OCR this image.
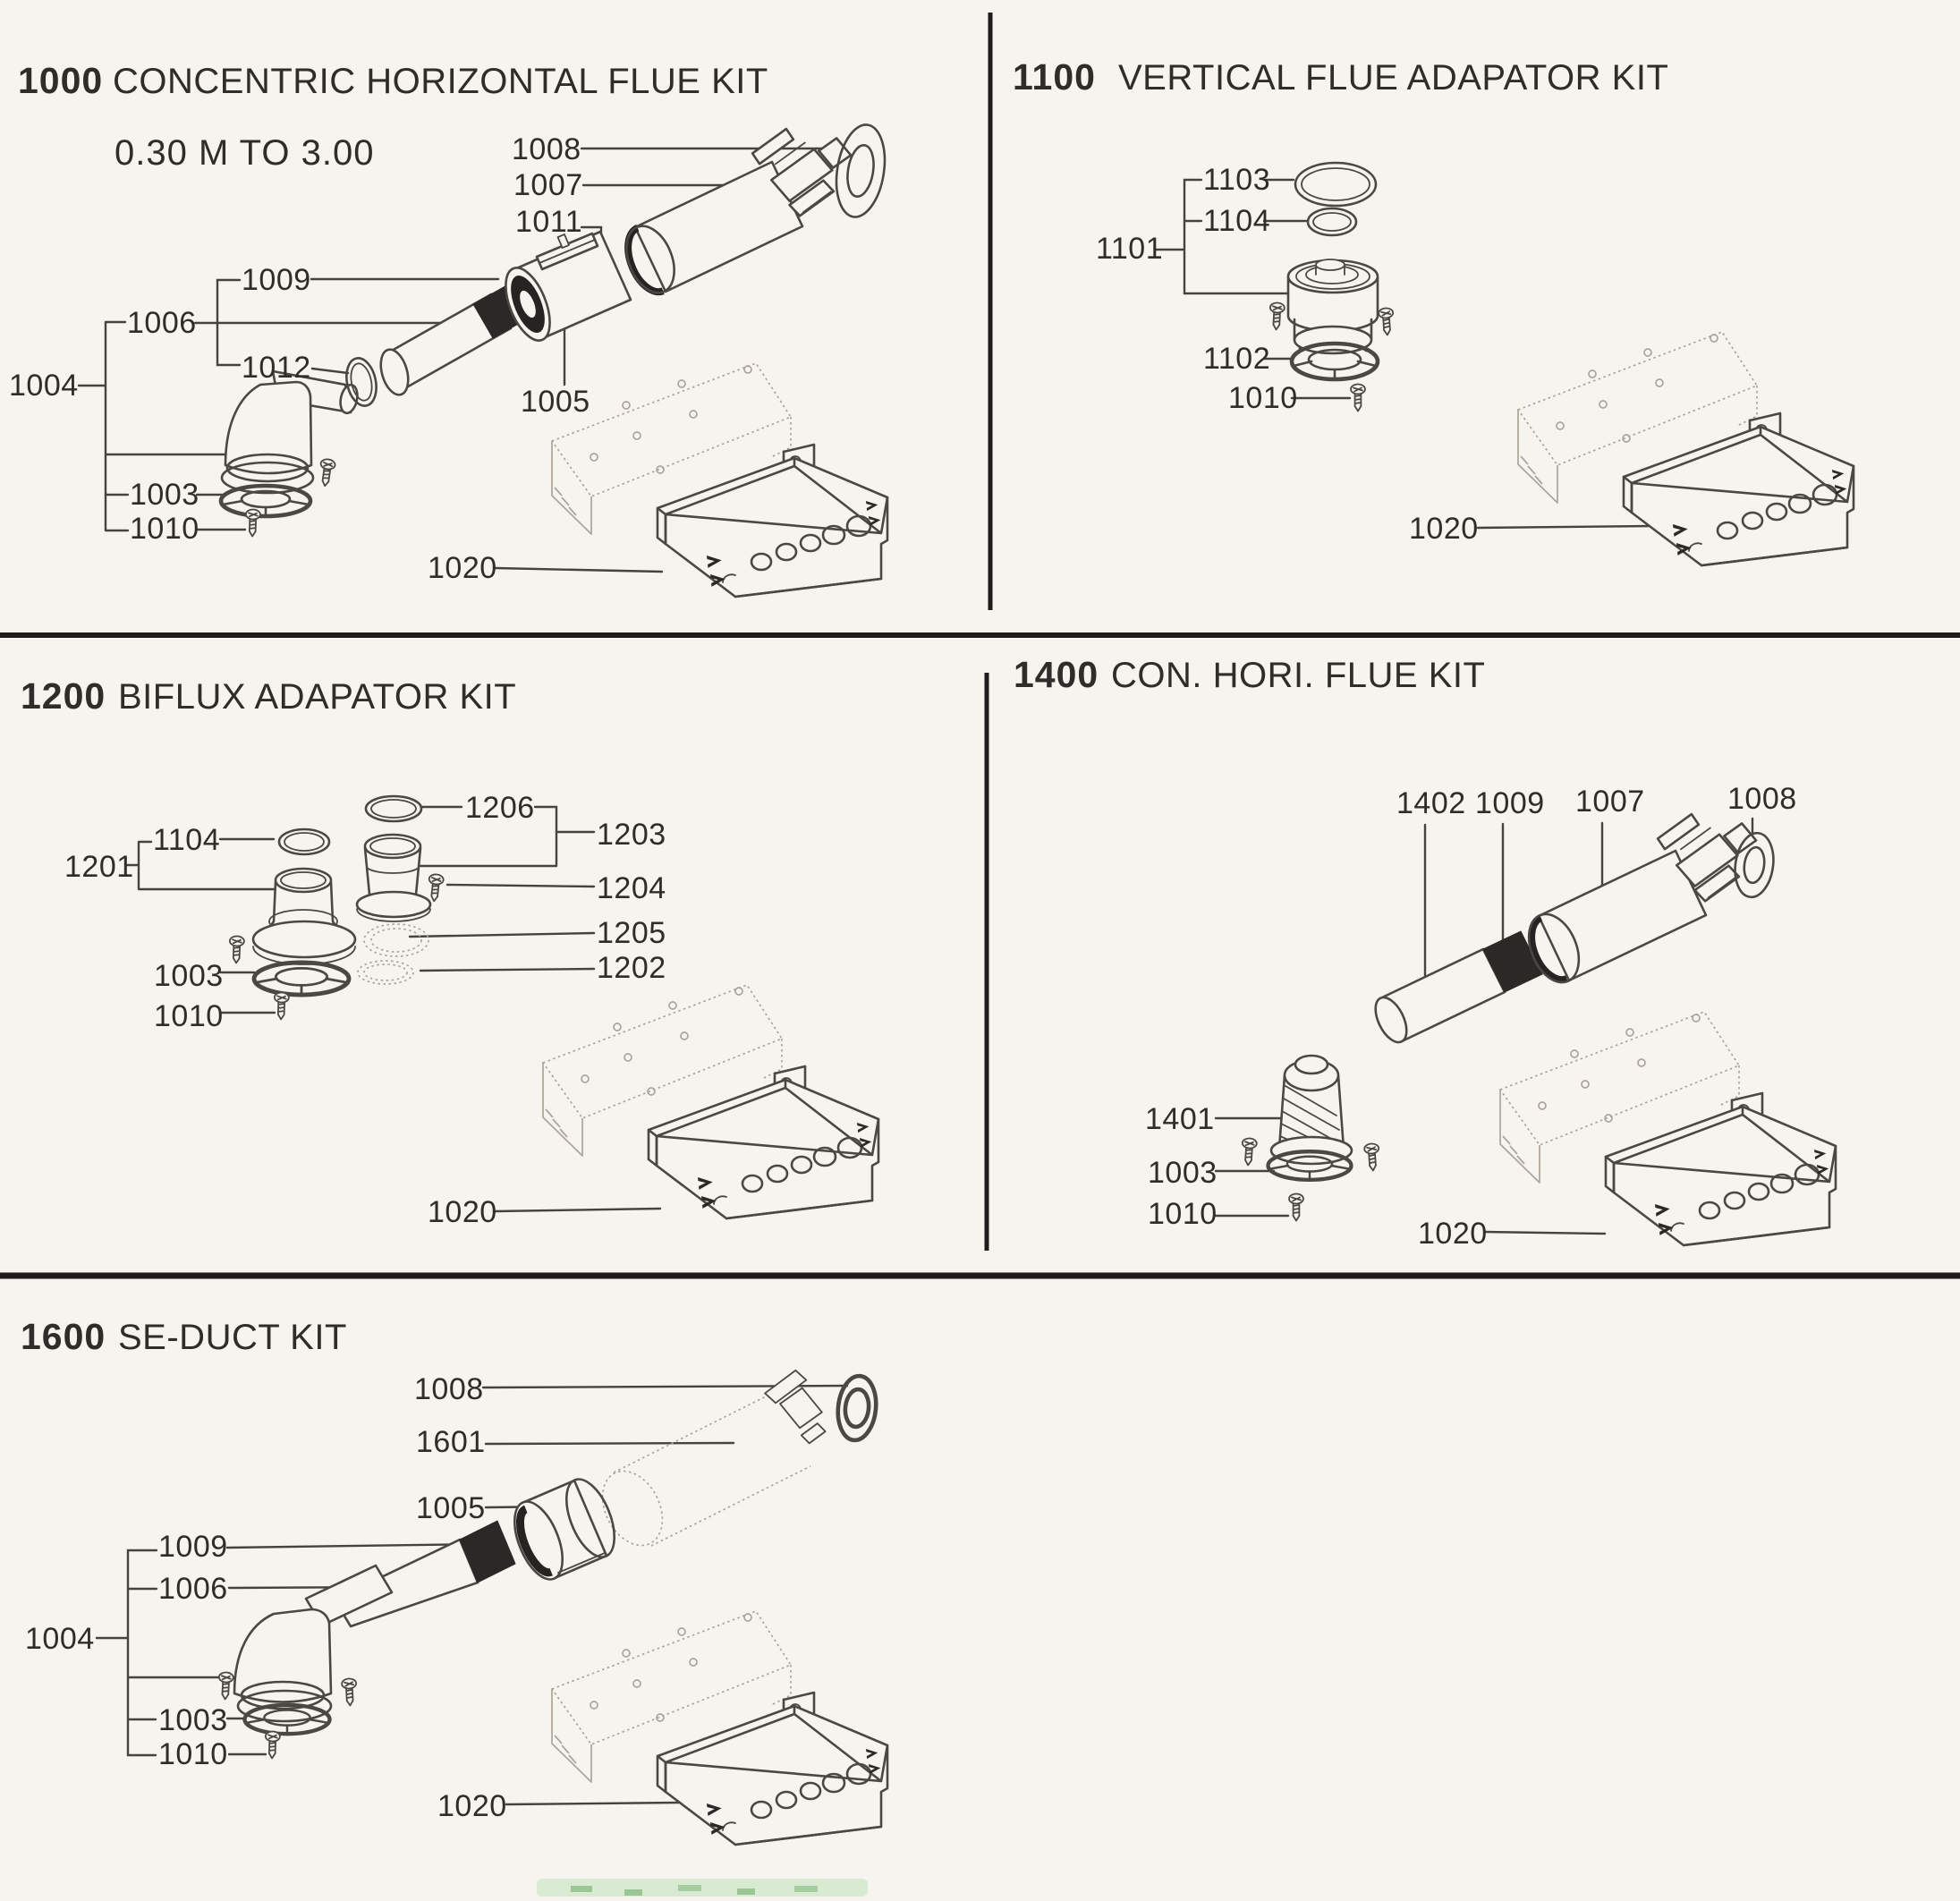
1000 CONCENTRIC HORIZONTAL FLUE KIT
0.30 M TO 3.00	1008
1007
1011
1009
1006
1012
1004	1005
1003
1010
1020
1100 VERTICAL FLUE ADAPATOR KIT
1103
1104
1101
1102
1010
1020
1200 BIFLUX ADAPATOR KIT
1206
1104
1201
1203
1204
1205
1202
1003
1010
1020
1400 CON. HORI. FLUE KIT
1402 1009 1007	1008
1401
1003
1010
1020
1600 SE-DUCT KIT
1008
1601
1005
1009
1006
1004
1003
1010
1020
